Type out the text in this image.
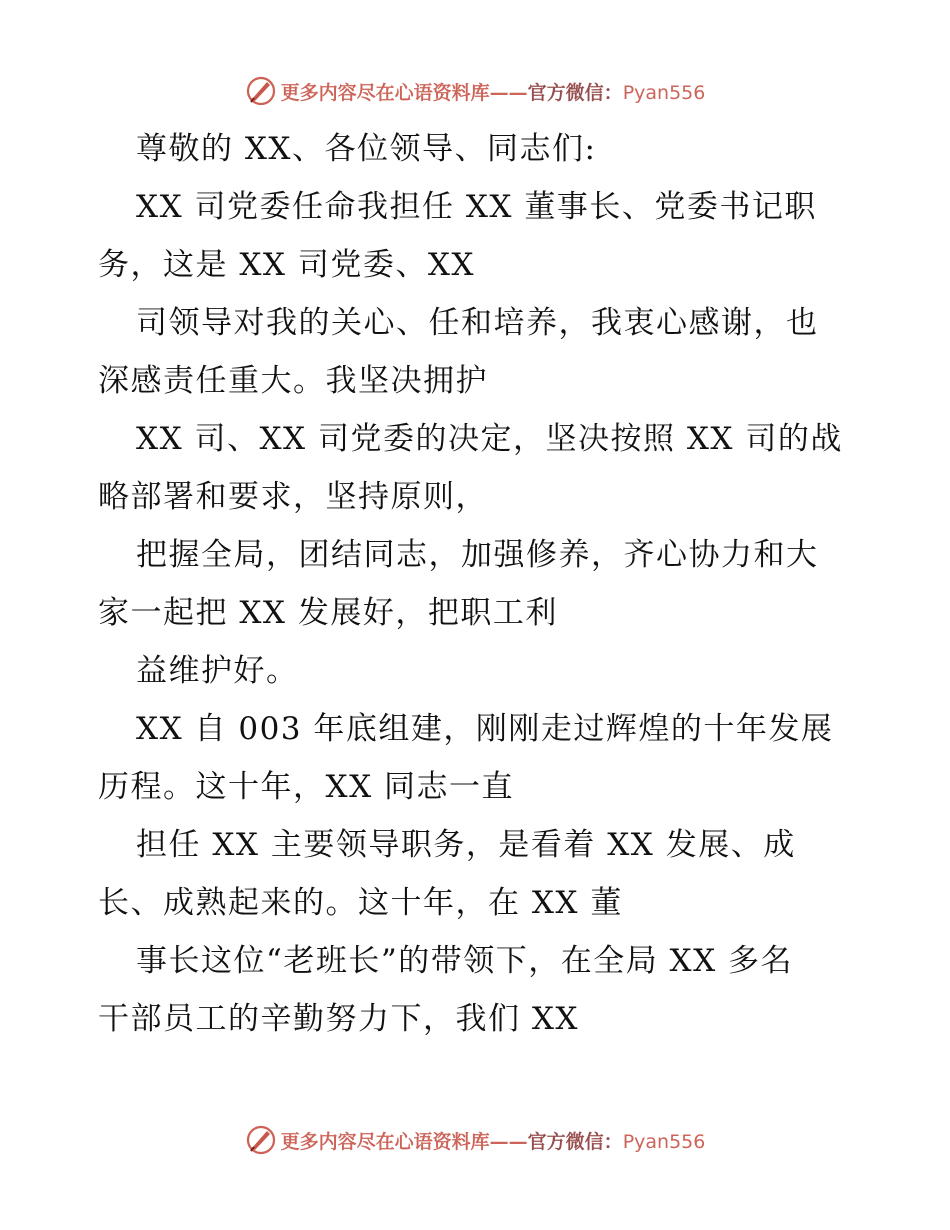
更多内容尽在心语资料库——官方微信：Pyan556
尊敬的 XX、各位领导、同志们:
XX 司党委任命我担任 XX 董事长、党委书记职
务，这是 XX 司党委、XX
司领导对我的关心、任和培养，我衷心感谢，也
深感责任重大。我坚决拥护
XX 司、XX 司党委的决定，坚决按照 XX 司的战
略部署和要求，坚持原则，
把握全局，团结同志，加强修养，齐心协力和大
家一起把 XX 发展好，把职工利
益维护好。
XX 自 003 年底组建，刚刚走过辉煌的十年发展
历程。这十年，XX 同志一直
担任 XX 主要领导职务，是看着 XX 发展、成
长、成熟起来的。这十年，在 XX 董
事长这位“老班长”的带领下，在全局 XX 多名
干部员工的辛勤努力下，我们 XX
更多内容尽在心语资料库——官方微信：Pyan556
